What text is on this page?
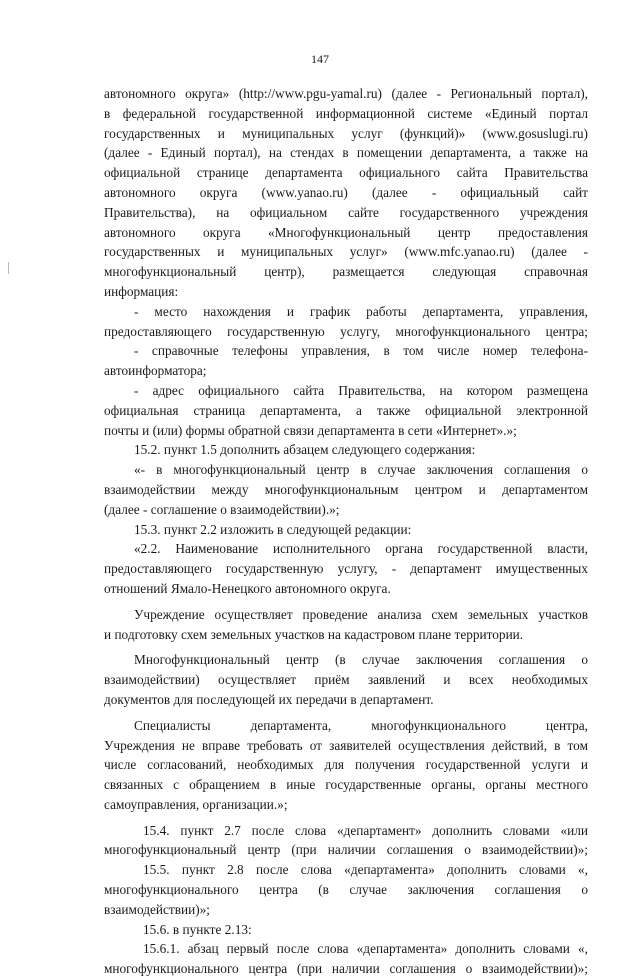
147
автономного округа» (http://www.pgu-yamal.ru) (далее - Региональный портал),
в федеральной государственной информационной системе «Единый портал
государственных и муниципальных услуг (функций)» (www.gosuslugi.ru)
(далее - Единый портал), на стендах в помещении департамента, а также на
официальной странице департамента официального сайта Правительства
автономного округа (www.yanao.ru) (далее - официальный сайт
Правительства), на официальном сайте государственного учреждения
автономного округа «Многофункциональный центр предоставления
государственных и муниципальных услуг» (www.mfc.yanao.ru) (далее -
многофункциональный центр), размещается следующая справочная
информация:
- место нахождения и график работы департамента, управления,
предоставляющего государственную услугу, многофункционального центра;
- справочные телефоны управления, в том числе номер телефона-
автоинформатора;
- адрес официального сайта Правительства, на котором размещена
официальная страница департамента, а также официальной электронной
почты и (или) формы обратной связи департамента в сети «Интернет».»;
15.2. пункт 1.5 дополнить абзацем следующего содержания:
«- в многофункциональный центр в случае заключения соглашения о
взаимодействии между многофункциональным центром и департаментом
(далее - соглашение о взаимодействии).»;
15.3. пункт 2.2 изложить в следующей редакции:
«2.2. Наименование исполнительного органа государственной власти,
предоставляющего государственную услугу, - департамент имущественных
отношений Ямало-Ненецкого автономного округа.
Учреждение осуществляет проведение анализа схем земельных участков
и подготовку схем земельных участков на кадастровом плане территории.
Многофункциональный центр (в случае заключения соглашения о
взаимодействии) осуществляет приём заявлений и всех необходимых
документов для последующей их передачи в департамент.
Специалисты департамента, многофункционального центра,
Учреждения не вправе требовать от заявителей осуществления действий, в том
числе согласований, необходимых для получения государственной услуги и
связанных с обращением в иные государственные органы, органы местного
самоуправления, организации.»;
15.4. пункт 2.7 после слова «департамент» дополнить словами «или
многофункциональный центр (при наличии соглашения о взаимодействии)»;
15.5. пункт 2.8 после слова «департамента» дополнить словами «,
многофункционального центра (в случае заключения соглашения о
взаимодействии)»;
15.6. в пункте 2.13:
15.6.1. абзац первый после слова «департамента» дополнить словами «,
многофункционального центра (при наличии соглашения о взаимодействии)»;
